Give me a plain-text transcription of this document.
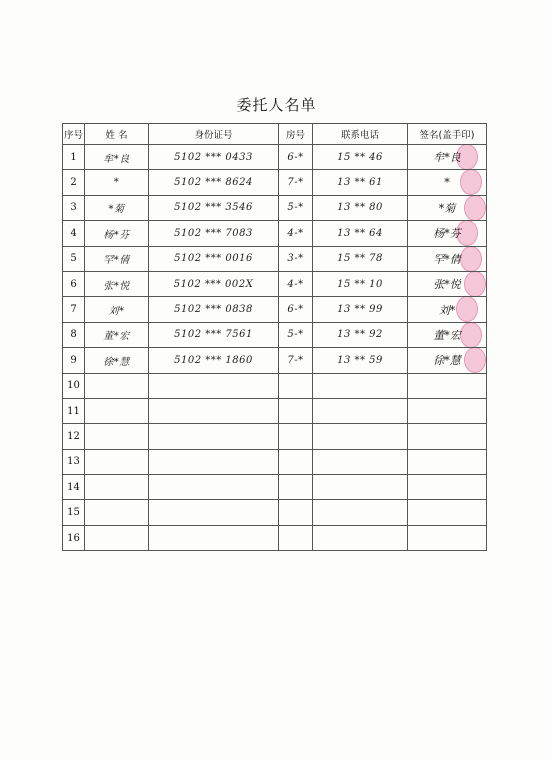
委托人名单
序号	姓 名	身份证号	房号	联系电话	签名(盖手印)
1	牟*良	5102 *** 0433	6-*	15 ** 46	牟*良
2	*	5102 *** 8624	7-*	13 ** 61	*
3	*菊	5102 *** 3546	5-*	13 ** 80	*菊
4	杨*芬	5102 *** 7083	4-*	13 ** 64	杨*芬
5	罕*倩	5102 *** 0016	3-*	15 ** 78	罕*倩
6	张*悦	5102 *** 002X	4-*	15 ** 10	张*悦
7	刘*	5102 *** 0838	6-*	13 ** 99	刘*
8	董*宏	5102 *** 7561	5-*	13 ** 92	董*宏
9	徐*慧	5102 *** 1860	7-*	13 ** 59	徐*慧
10					
11					
12					
13					
14					
15					
16					
